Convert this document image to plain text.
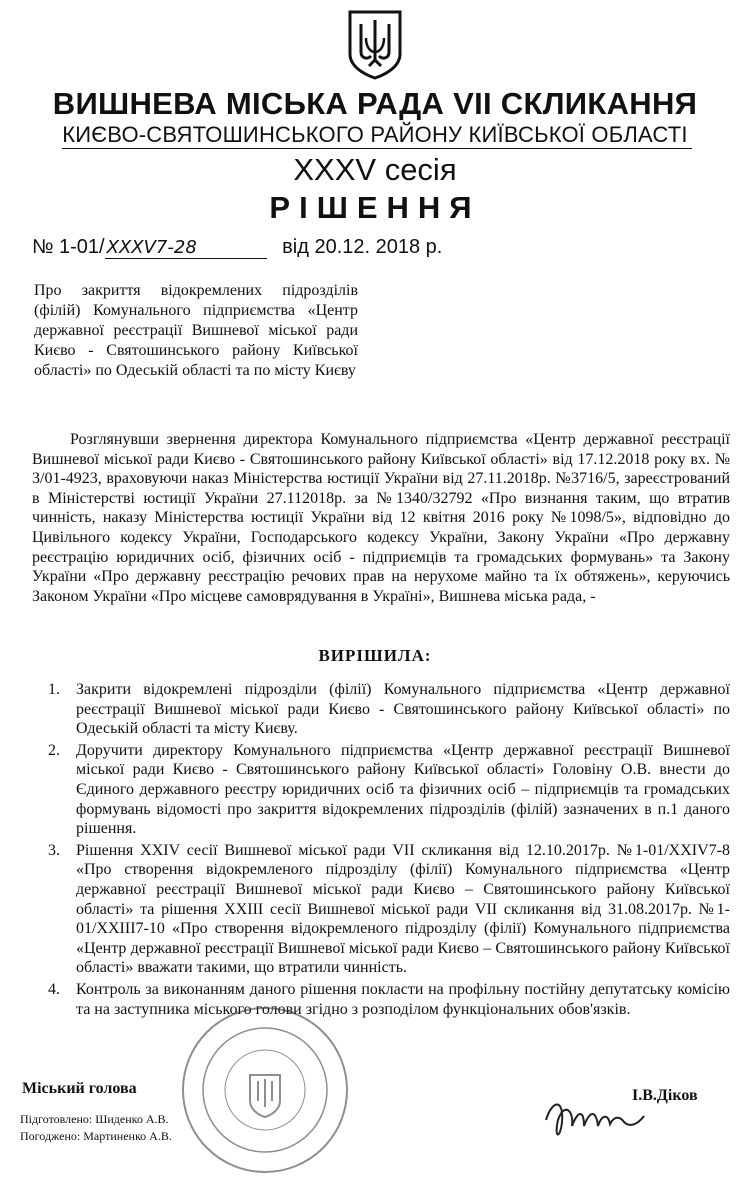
ВИШНЕВА МІСЬКА РАДА VII СКЛИКАННЯ
КИЄВО-СВЯТОШИНСЬКОГО РАЙОНУ КИЇВСЬКОЇ ОБЛАСТІ
XXXV сесія
РІШЕННЯ
№ 1-01/ XXXV7-28	від 20.12. 2018 р.
Про закриття відокремлених підрозділів (філій) Комунального підприємства «Центр державної реєстрації Вишневої міської ради Києво - Святошинського району Київської області» по Одеській області та по місту Києву
Розглянувши звернення директора Комунального підприємства «Центр державної реєстрації Вишневої міської ради Києво - Святошинського району Київської області» від 17.12.2018 року вх. № 3/01-4923, враховуючи наказ Міністерства юстиції України від 27.11.2018р. №3716/5, зареєстрований в Міністерстві юстиції України 27.112018р. за №1340/32792 «Про визнання таким, що втратив чинність, наказу Міністерства юстиції України від 12 квітня 2016 року №1098/5», відповідно до Цивільного кодексу України, Господарського кодексу України, Закону України «Про державну реєстрацію юридичних осіб, фізичних осіб - підприємців та громадських формувань» та Закону України «Про державну реєстрацію речових прав на нерухоме майно та їх обтяжень», керуючись Законом України «Про місцеве самоврядування в Україні», Вишнева міська рада, -
ВИРІШИЛА:
1. Закрити відокремлені підрозділи (філії) Комунального підприємства «Центр державної реєстрації Вишневої міської ради Києво - Святошинського району Київської області» по Одеській області та місту Києву.
2. Доручити директору Комунального підприємства «Центр державної реєстрації Вишневої міської ради Києво - Святошинського району Київської області» Головіну О.В. внести до Єдиного державного реєстру юридичних осіб та фізичних осіб – підприємців та громадських формувань відомості про закриття відокремлених підрозділів (філій) зазначених в п.1 даного рішення.
3. Рішення XXIV сесії Вишневої міської ради VII скликання від 12.10.2017р. №1-01/XXIV7-8 «Про створення відокремленого підрозділу (філії) Комунального підприємства «Центр державної реєстрації Вишневої міської ради Києво – Святошинського району Київської області» та рішення XXIII сесії Вишневої міської ради VII скликання від 31.08.2017р. №1-01/XXIII7-10 «Про створення відокремленого підрозділу (філії) Комунального підприємства «Центр державної реєстрації Вишневої міської ради Києво – Святошинського району Київської області» вважати такими, що втратили чинність.
4. Контроль за виконанням даного рішення покласти на профільну постійну депутатську комісію та на заступника міського голови згідно з розподілом функціональних обов'язків.
Міський голова	І.В.Діков
Підготовлено: Шиденко А.В.
Погоджено: Мартиненко А.В.
